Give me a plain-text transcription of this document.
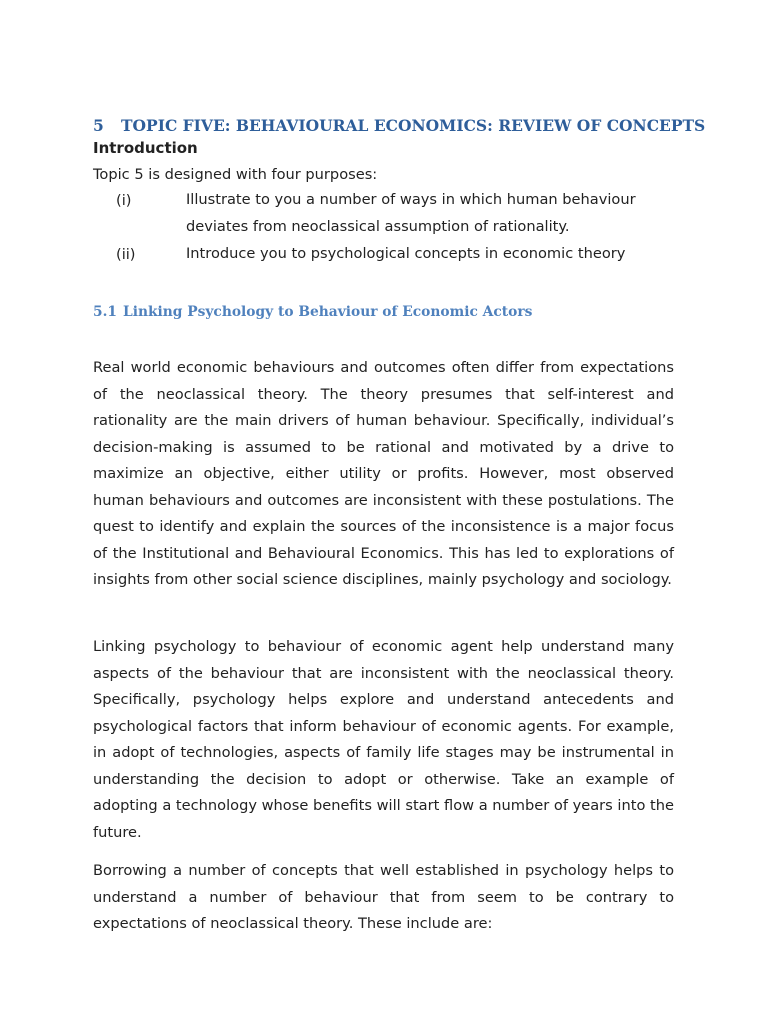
5 TOPIC FIVE: BEHAVIOURAL ECONOMICS: REVIEW OF CONCEPTS
Introduction
Topic 5 is designed with four purposes:
(i)	Illustrate to you a number of ways in which human behaviour deviates from neoclassical assumption of rationality.
(ii)	Introduce you to psychological concepts in economic theory
5.1 Linking Psychology to Behaviour of Economic Actors
Real world economic behaviours and outcomes often differ from expectations of the neoclassical theory. The theory presumes that self-interest and rationality are the main drivers of human behaviour. Specifically, individual’s decision-making is assumed to be rational and motivated by a drive to maximize an objective, either utility or profits. However, most observed human behaviours and outcomes are inconsistent with these postulations. The quest to identify and explain the sources of the inconsistence is a major focus of the Institutional and Behavioural Economics. This has led to explorations of insights from other social science disciplines, mainly psychology and sociology.
Linking psychology to behaviour of economic agent help understand many aspects of the behaviour that are inconsistent with the neoclassical theory. Specifically, psychology helps explore and understand antecedents and psychological factors that inform behaviour of economic agents. For example, in adopt of technologies, aspects of family life stages may be instrumental in understanding the decision to adopt or otherwise. Take an example of adopting a technology whose benefits will start flow a number of years into the future.
Borrowing a number of concepts that well established in psychology helps to understand a number of behaviour that from seem to be contrary to expectations of neoclassical theory. These include are:
